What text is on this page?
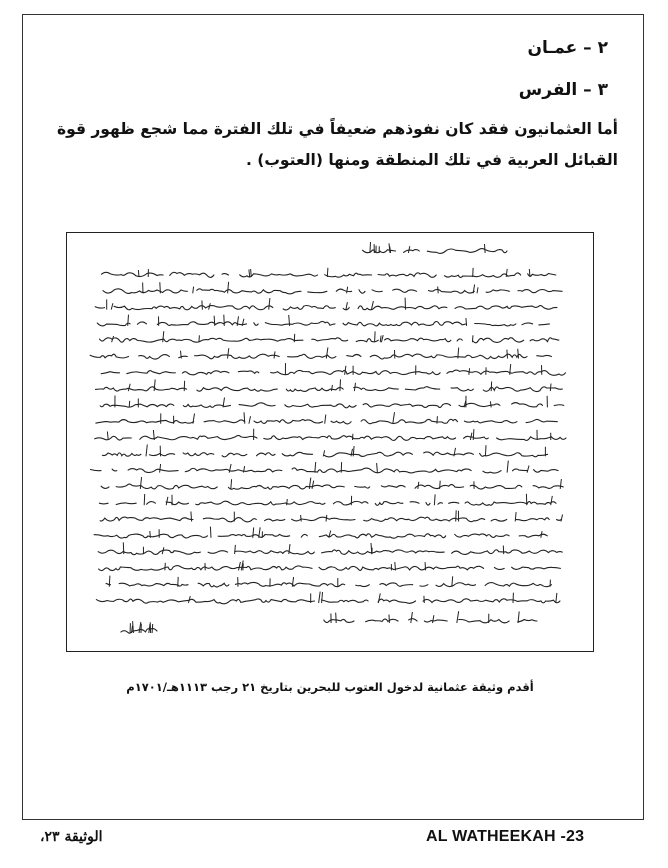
٢ – عمـان
٣ – الفرس
أما العثمانيون فقد كان نفوذهم ضعيفاً في تلك الفترة مما شجع ظهور قوة القبائل العربية في تلك المنطقة ومنها (العتوب) .
أقدم وثيقة عثمانية لدخول العتوب للبحرين بتاريخ ٢١ رجب ١١١٣هـ/١٧٠١م
AL WATHEEKAH -23
الوثيقة ٢٣،
